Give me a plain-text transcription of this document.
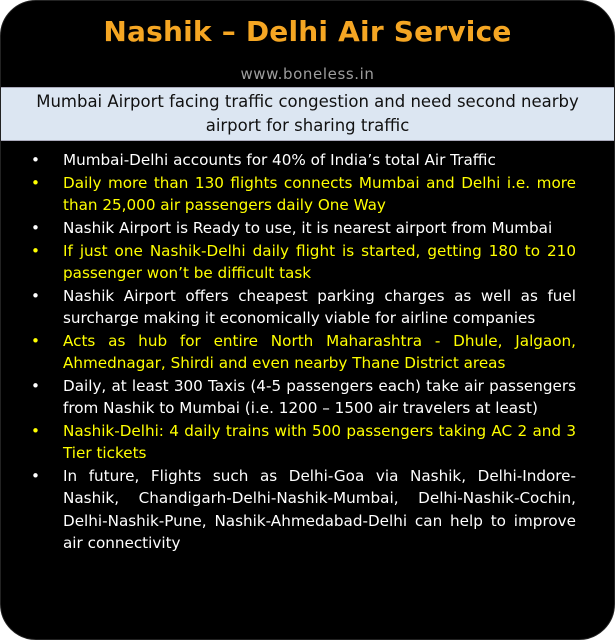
Nashik – Delhi Air Service
www.boneless.in
Mumbai Airport facing traffic congestion and need second nearby airport for sharing traffic
• Mumbai-Delhi accounts for 40% of India’s total Air Traffic
• Daily more than 130 flights connects Mumbai and Delhi i.e. more than 25,000 air passengers daily One Way
• Nashik Airport is Ready to use, it is nearest airport from Mumbai
• If just one Nashik-Delhi daily flight is started, getting 180 to 210 passenger won’t be difficult task
• Nashik Airport offers cheapest parking charges as well as fuel surcharge making it economically viable for airline companies
• Acts as hub for entire North Maharashtra - Dhule, Jalgaon, Ahmednagar, Shirdi and even nearby Thane District areas
• Daily, at least 300 Taxis (4-5 passengers each) take air passengers from Nashik to Mumbai (i.e. 1200 – 1500 air travelers at least)
• Nashik-Delhi: 4 daily trains with 500 passengers taking AC 2 and 3 Tier tickets
• In future, Flights such as Delhi-Goa via Nashik, Delhi-Indore-Nashik, Chandigarh-Delhi-Nashik-Mumbai, Delhi-Nashik-Cochin, Delhi-Nashik-Pune, Nashik-Ahmedabad-Delhi can help to improve air connectivity
